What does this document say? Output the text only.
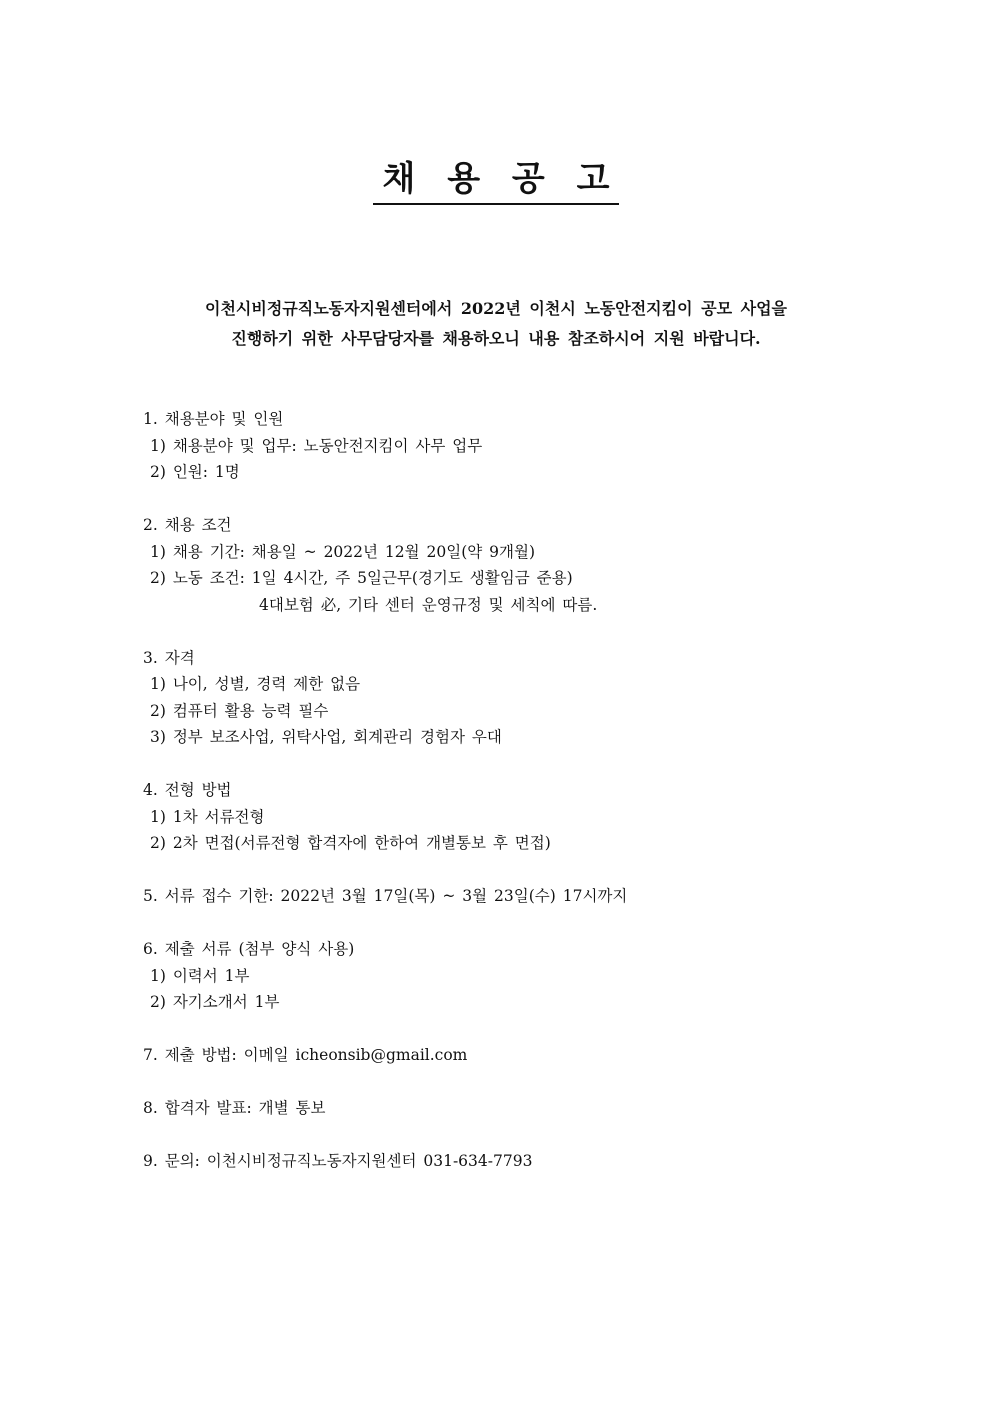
채 용 공 고
이천시비정규직노동자지원센터에서 2022년 이천시 노동안전지킴이 공모 사업을
진행하기 위한 사무담당자를 채용하오니 내용 참조하시어 지원 바랍니다.
1. 채용분야 및 인원
1) 채용분야 및 업무: 노동안전지킴이 사무 업무
2) 인원: 1명
2. 채용 조건
1) 채용 기간: 채용일 ~ 2022년 12월 20일(약 9개월)
2) 노동 조건: 1일 4시간, 주 5일근무(경기도 생활임금 준용)
4대보험 必, 기타 센터 운영규정 및 세칙에 따름.
3. 자격
1) 나이, 성별, 경력 제한 없음
2) 컴퓨터 활용 능력 필수
3) 정부 보조사업, 위탁사업, 회계관리 경험자 우대
4. 전형 방법
1) 1차 서류전형
2) 2차 면접(서류전형 합격자에 한하여 개별통보 후 면접)
5. 서류 접수 기한: 2022년 3월 17일(목) ~ 3월 23일(수) 17시까지
6. 제출 서류 (첨부 양식 사용)
1) 이력서 1부
2) 자기소개서 1부
7. 제출 방법: 이메일 icheonsib@gmail.com
8. 합격자 발표: 개별 통보
9. 문의: 이천시비정규직노동자지원센터 031-634-7793
